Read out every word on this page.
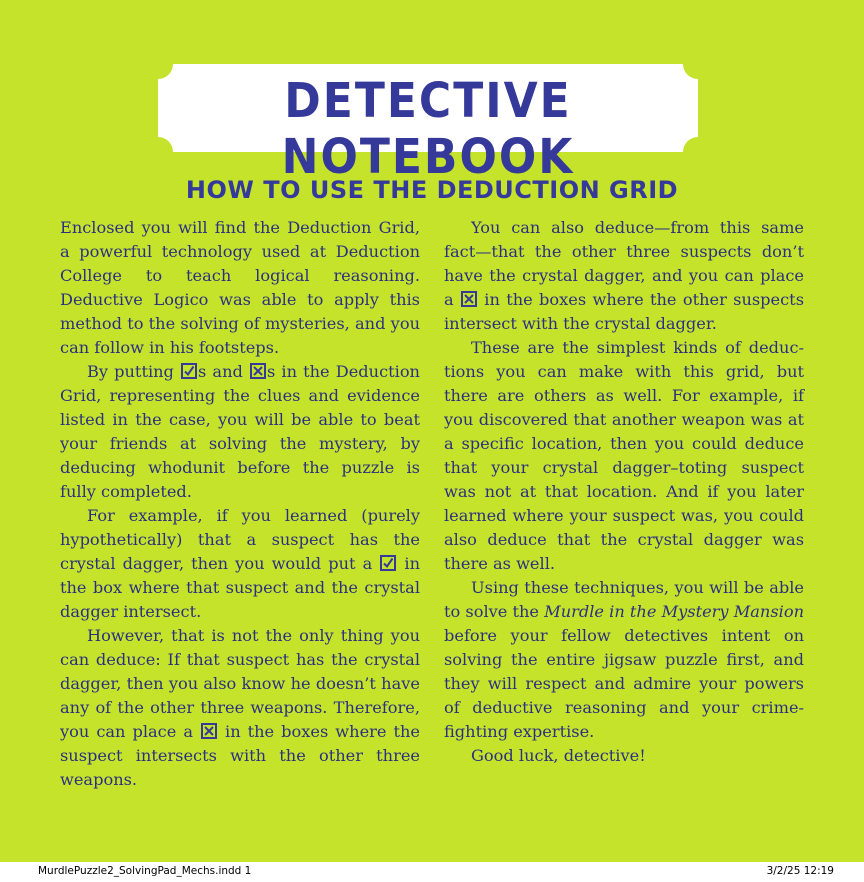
DETECTIVE NOTEBOOK
HOW TO USE THE DEDUCTION GRID

Enclosed you will find the Deduction Grid, a powerful technology used at Deduction College to teach logical reasoning. Deductive Logico was able to apply this method to the solving of mysteries, and you can follow in his footsteps.

By putting
s and
s in the Deduction Grid, representing the clues and evidence listed in the case, you will be able to beat your friends at solving the mystery, by deducing whodunit before the puzzle is fully completed.

For example, if you learned (purely hypothetically) that a suspect has the crystal dagger, then you would put a
in the box where that suspect and the crystal dagger intersect.

However, that is not the only thing you can deduce: If that suspect has the crystal dagger, then you also know he doesn’t have any of the other three weapons. Therefore, you can place a
in the boxes where the suspect intersects with the other three weapons.

You can also deduce—from this same fact—that the other three suspects don’t have the crystal dagger, and you can place a
in the boxes where the other suspects intersect with the crystal dagger.

These are the simplest kinds of deductions you can make with this grid, but there are others as well. For example, if you discovered that another weapon was at a specific location, then you could deduce that your crystal dagger–toting suspect was not at that location. And if you later learned where your suspect was, you could also deduce that the crystal dagger was there as well.

Using these techniques, you will be able to solve the Murdle in the Mystery Mansion before your fellow detectives intent on solving the entire jigsaw puzzle first, and they will respect and admire your powers of deductive reasoning and your crime-fighting expertise.

Good luck, detective!

MurdlePuzzle2_SolvingPad_Mechs.indd 1	3/2/25 12:19
